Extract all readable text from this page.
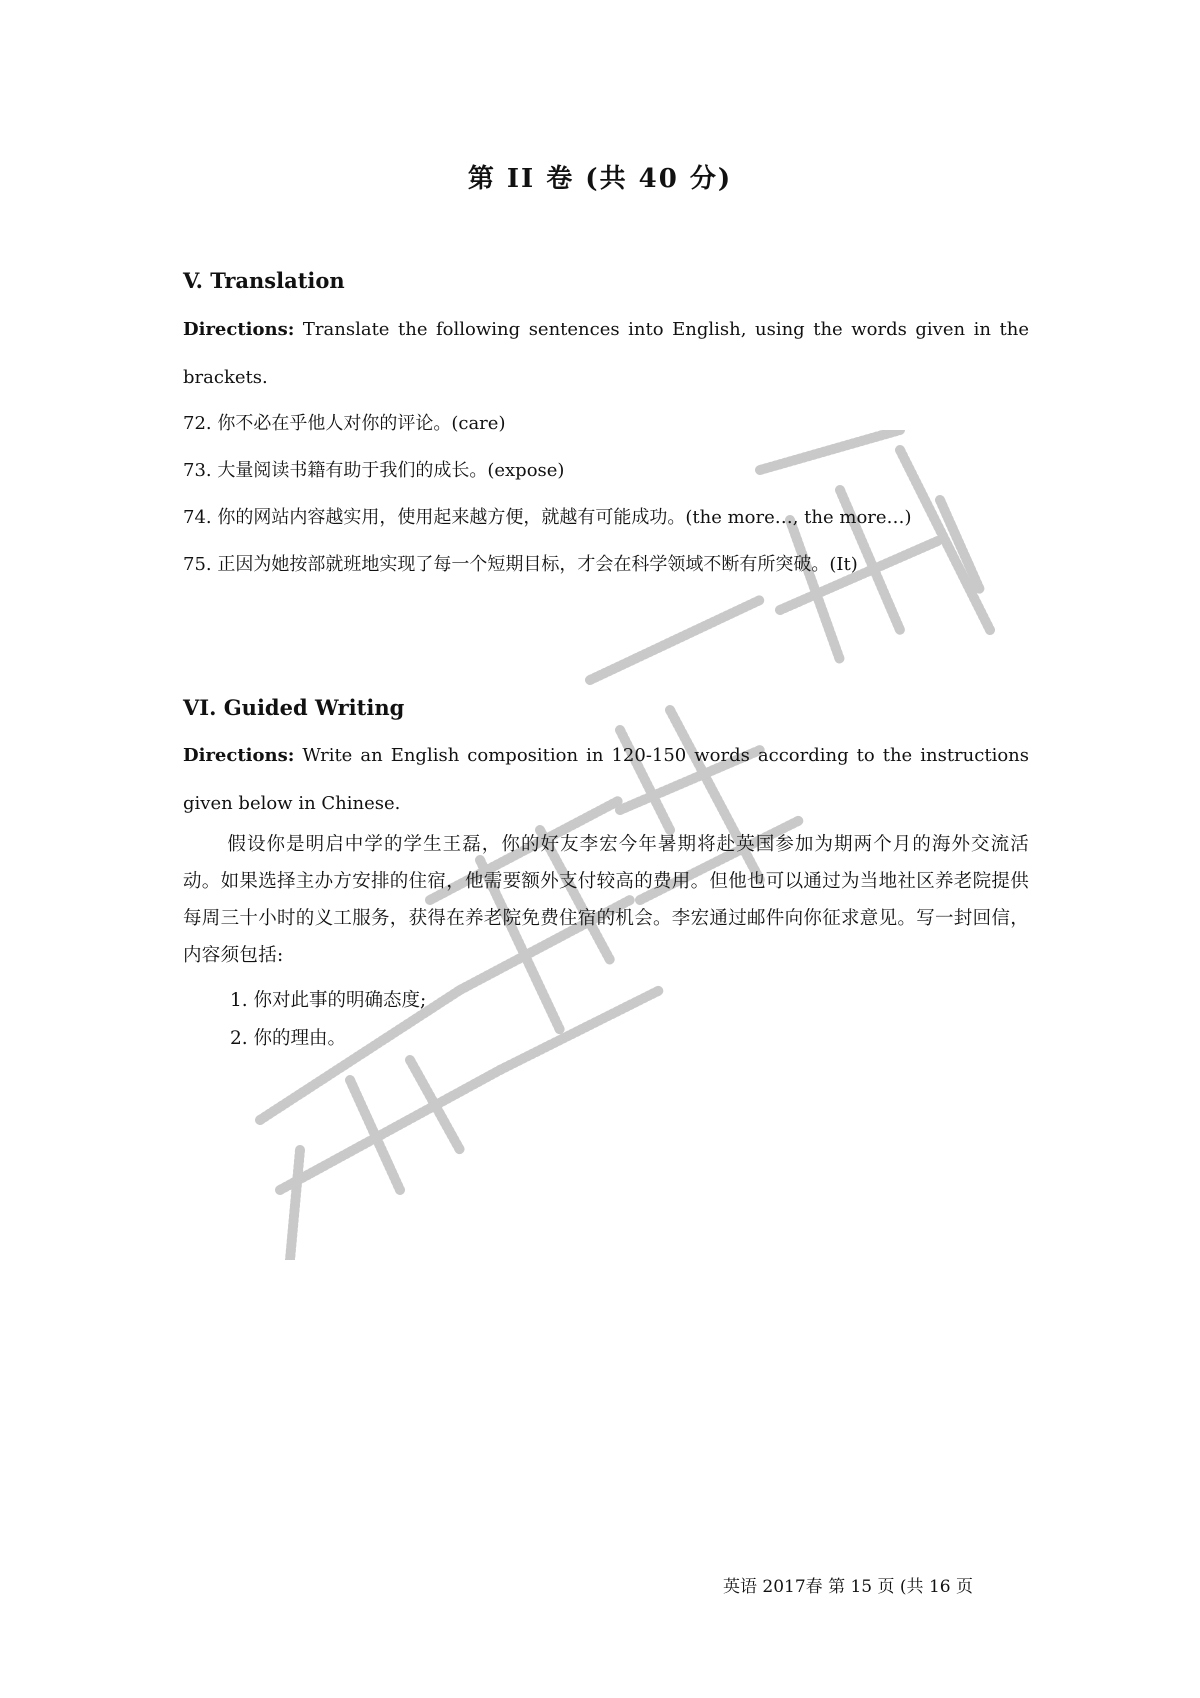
第 II 卷 (共 40 分)
V. Translation
Directions: Translate the following sentences into English, using the words given in the brackets.
72. 你不必在乎他人对你的评论。(care)
73. 大量阅读书籍有助于我们的成长。(expose)
74. 你的网站内容越实用，使用起来越方便，就越有可能成功。(the more…, the more…)
75. 正因为她按部就班地实现了每一个短期目标，才会在科学领域不断有所突破。(It)
VI. Guided Writing
Directions: Write an English composition in 120-150 words according to the instructions given below in Chinese.
假设你是明启中学的学生王磊，你的好友李宏今年暑期将赴英国参加为期两个月的海外交流活动。如果选择主办方安排的住宿，他需要额外支付较高的费用。但他也可以通过为当地社区养老院提供每周三十小时的义工服务，获得在养老院免费住宿的机会。李宏通过邮件向你征求意见。写一封回信，内容须包括:
1. 你对此事的明确态度;
2. 你的理由。
英语 2017春 第 15 页 (共 16 页
